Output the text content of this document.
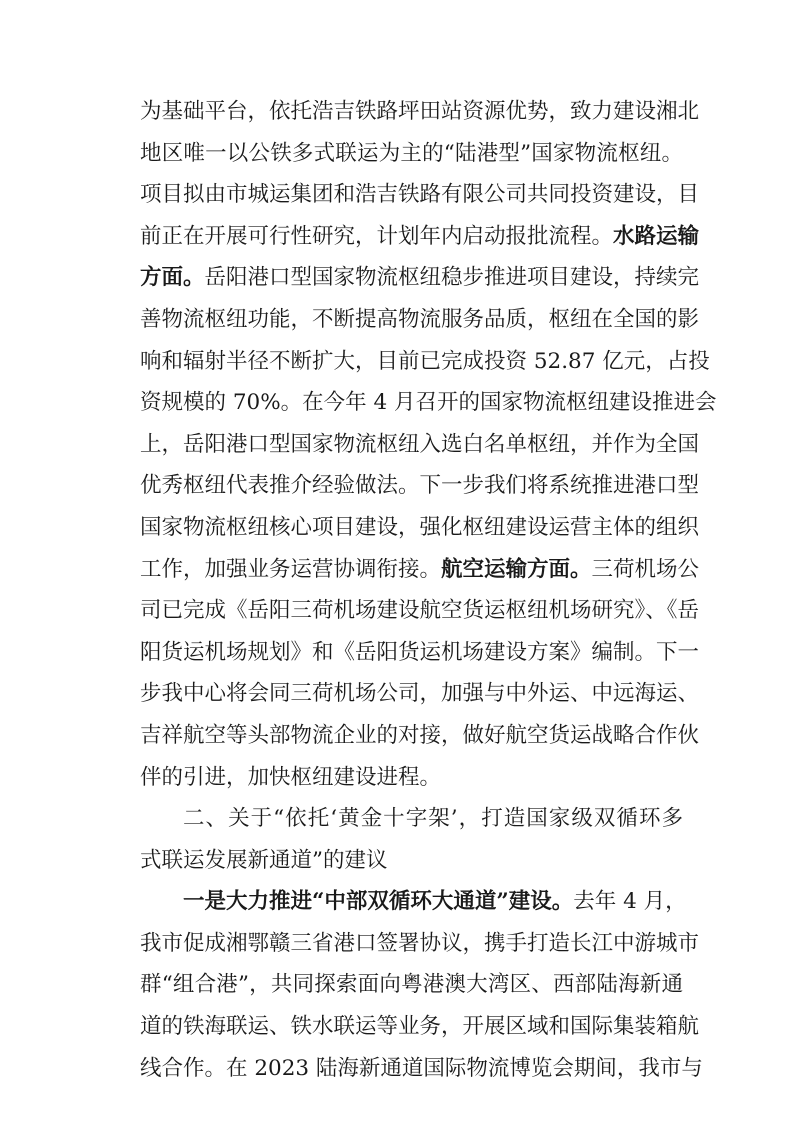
为基础平台，依托浩吉铁路坪田站资源优势，致力建设湘北
地区唯一以公铁多式联运为主的“陆港型”国家物流枢纽。
项目拟由市城运集团和浩吉铁路有限公司共同投资建设，目
前正在开展可行性研究，计划年内启动报批流程。水路运输
方面。岳阳港口型国家物流枢纽稳步推进项目建设，持续完
善物流枢纽功能，不断提高物流服务品质，枢纽在全国的影
响和辐射半径不断扩大，目前已完成投资 52.87 亿元，占投
资规模的 70%。在今年 4 月召开的国家物流枢纽建设推进会
上，岳阳港口型国家物流枢纽入选白名单枢纽，并作为全国
优秀枢纽代表推介经验做法。下一步我们将系统推进港口型
国家物流枢纽核心项目建设，强化枢纽建设运营主体的组织
工作，加强业务运营协调衔接。航空运输方面。三荷机场公
司已完成《岳阳三荷机场建设航空货运枢纽机场研究》、《岳
阳货运机场规划》和《岳阳货运机场建设方案》编制。下一
步我中心将会同三荷机场公司，加强与中外运、中远海运、
吉祥航空等头部物流企业的对接，做好航空货运战略合作伙
伴的引进，加快枢纽建设进程。
二、关于“依托‘黄金十字架’，打造国家级双循环多
式联运发展新通道”的建议
一是大力推进“中部双循环大通道”建设。去年 4 月，
我市促成湘鄂赣三省港口签署协议，携手打造长江中游城市
群“组合港”，共同探索面向粤港澳大湾区、西部陆海新通
道的铁海联运、铁水联运等业务，开展区域和国际集装箱航
线合作。在 2023 陆海新通道国际物流博览会期间，我市与
